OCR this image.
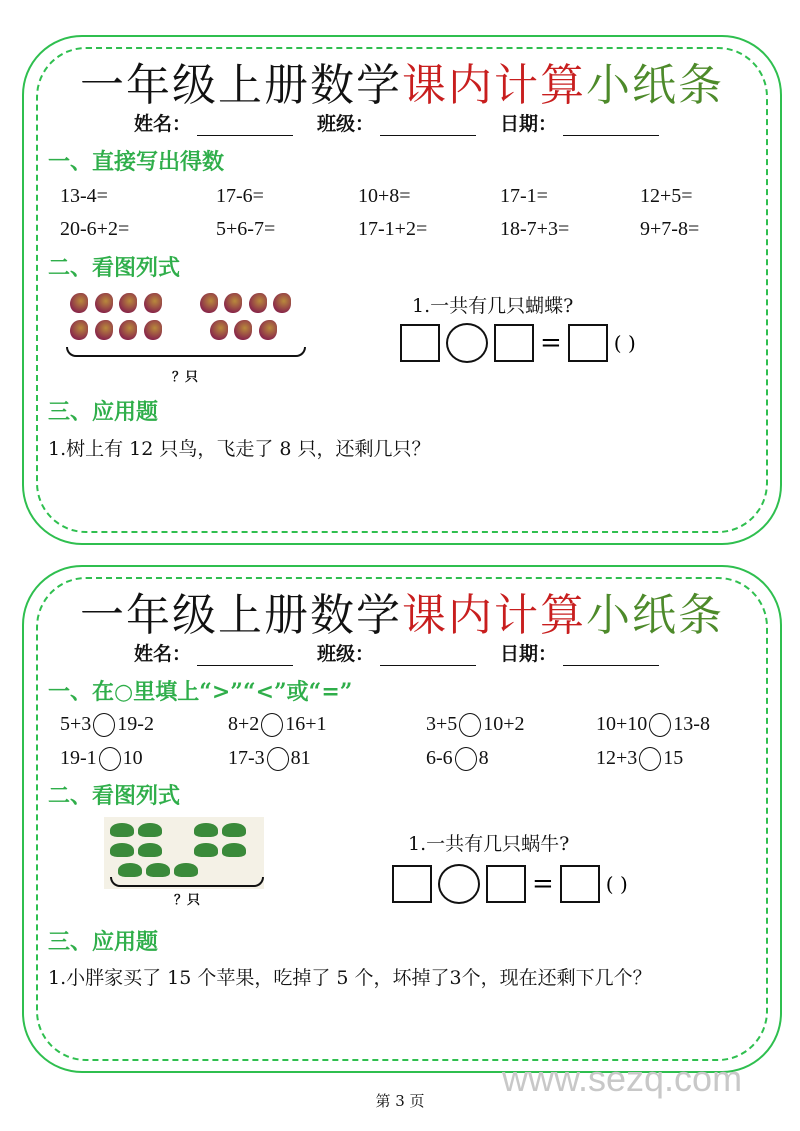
一年级上册数学课内计算小纸条
姓名：	班级：	日期：
一、直接写出得数
13-4=	17-6=	10+8=	17-1=	12+5=
20-6+2=	5+6-7=	17-1+2=	18-7+3=	9+7-8=
二、看图列式
？只
1.一共有几只蝴蝶?
=	( )
三、应用题
1.树上有 12 只鸟，飞走了 8 只，还剩几只？
一年级上册数学课内计算小纸条
姓名：	班级：	日期：
一、在○里填上“>”“<”或“=”
5+3 19-2	8+2 16+1	3+5 10+2	10+10 13-8
19-1 10	17-3 81	6-6 8	12+3 15
二、看图列式
？只
1.一共有几只蜗牛?
=	( )
三、应用题
1.小胖家买了 15 个苹果，吃掉了 5 个，坏掉了3个，现在还剩下几个？
www.sezq.com
第 3 页
